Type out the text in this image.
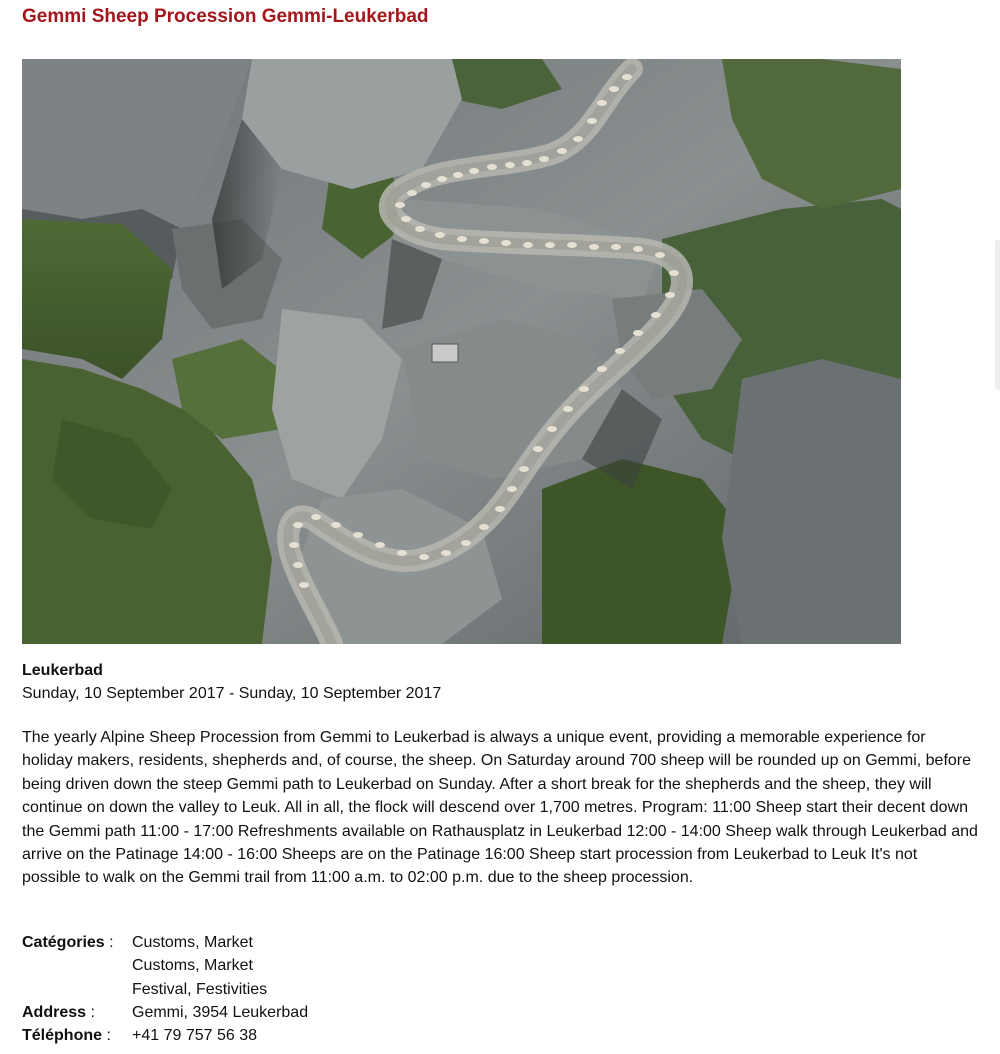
Gemmi Sheep Procession Gemmi-Leukerbad
Leukerbad
Sunday, 10 September 2017 - Sunday, 10 September 2017

The yearly Alpine Sheep Procession from Gemmi to Leukerbad is always a unique event, providing a memorable experience for holiday makers, residents, shepherds and, of course, the sheep. On Saturday around 700 sheep will be rounded up on Gemmi, before being driven down the steep Gemmi path to Leukerbad on Sunday. After a short break for the shepherds and the sheep, they will continue on down the valley to Leuk. All in all, the flock will descend over 1,700 metres. Program: 11:00 Sheep start their decent down the Gemmi path 11:00 - 17:00 Refreshments available on Rathausplatz in Leukerbad 12:00 - 14:00 Sheep walk through Leukerbad and arrive on the Patinage 14:00 - 16:00 Sheeps are on the Patinage 16:00 Sheep start procession from Leukerbad to Leuk It's not possible to walk on the Gemmi trail from 11:00 a.m. to 02:00 p.m. due to the sheep procession.

Catégories :	Customs, Market
Customs, Market
Festival, Festivities

Address :	Gemmi, 3954 Leukerbad
Téléphone :	+41 79 757 56 38
